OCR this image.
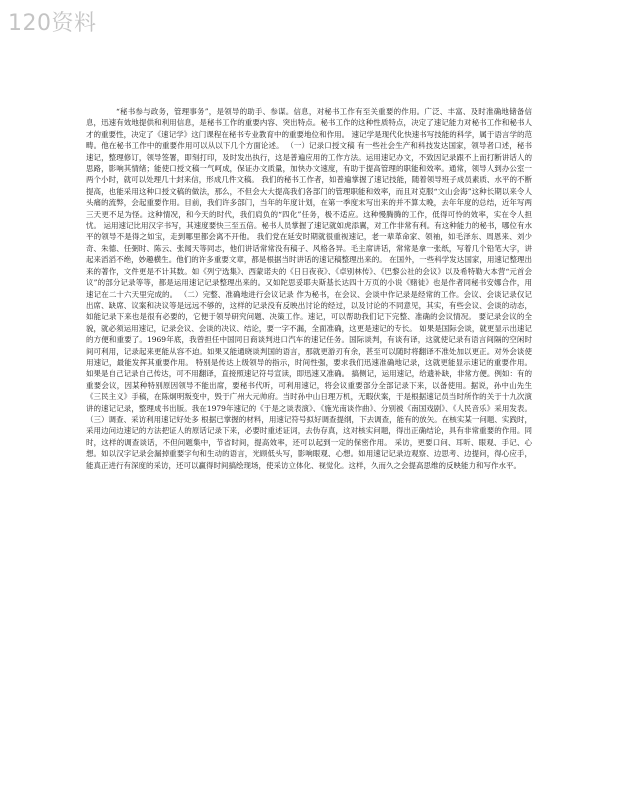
120资料

“秘书参与政务，管理事务”，是领导的助手、参谋。信息，对秘书工作有至关重要的作用。广泛、丰富、及时准确地储备信息，迅速有效地提供和利用信息，是秘书工作的重要内容、突出特点。秘书工作的这种性质特点，决定了速记能力对秘书工作和秘书人才的重要性，决定了《速记学》这门课程在秘书专业教育中的重要地位和作用。 速记学是现代化快速书写技能的科学，属于语言学的范畴。他在秘书工作中的重要作用可以从以下几个方面论述。 （一）记录口授文稿 有一些社会生产和科技发达国家，领导者口述，秘书速记，整理修订，领导签署，即刻打印，及时发出执行，这是普遍应用的工作方法。运用速记办文，不致因记录跟不上而打断讲话人的思路，影响其情绪；能使口授文稿一气呵成，保证办文质量，加快办文速度，有助于提高管理的职能和效率。通常，领导人到办公室一两个小时，就可以处理几十封来信，形成几件文稿。 我们的秘书工作者，如普遍掌握了速记技能，随着领导班子成员素质、水平的不断提高，也能采用这种口授文稿的做法，那么，不但会大大提高我们各部门的管理职能和效率，而且对克服“文山会海”这种长期以来令人头痛的流弊，会起重要作用。目前，我们许多部门，当年的年度计划，在第一季度末写出来的并不算太晚，去年年度的总结，近年写两三天更不足为怪。这种情况，和今天的时代，我们肩负的“四化”任务，极不适应。这种慢腾腾的工作，低得可怜的效率，实在令人担忧。 运用速记比用汉字书写，其速度要快三至五倍。秘书人员掌握了速记就如虎添翼，对工作非常有利。有这种能力的秘书，哪位有水平的领导不是得之如宝，走到哪里都会离不开他。 我们党在延安时期就很重视速记，老一辈革命家、领袖，如毛泽东、周恩来、刘少奇、朱德、任弼时、陈云、张闻天等同志，他们讲话常常没有稿子、风格各异。毛主席讲话，常常是拿一张纸，写着几个铅笔大字，讲起来滔滔不绝，妙趣横生。他们的许多重要文章，都是根据当时讲话的速记稿整理出来的。 在国外，一些科学发达国家，用速记整理出来的著作，文件更是不计其数。如《列宁选集》、西蒙诺夫的《日日夜夜》、《卓别林传》、《巴黎公社的会议》以及希特勒大本营“元首会议”的部分记录等等，都是运用速记记录整理出来的。又如陀思妥耶夫斯基长达四十万页的小说《赌徒》也是作者同秘书安娜合作，用速记在二十六天里完成的。 （二）完整、准确地进行会议记录 作为秘书，在会议、会谈中作记录是经常的工作。会议、会谈记录仅记出席、缺席、议案和决议等是远远不够的，这样的记录没有反映出讨论的经过，以及讨论的不同意见，其实，有些会议、会谈的动态，如能记录下来也是很有必要的，它便于领导研究问题、决策工作。速记，可以帮助我们记下完整、准确的会议情况。 要记录会议的全貌，就必须运用速记，记录会议、会谈的决议、结论，要一字不漏，全面准确，这更是速记的专长。 如果是国际会谈，就更显示出速记的方便和重要了。1969年底，我曾担任中国同日商谈判进口汽车的速记任务。国际谈判，有谈有译，这就使记录有语言间隔的空闲时间可利用，记录起来更能从容不迫。如果又能通晓谈判国的语言，那就更游刃有余，甚至可以随时将翻译不准处加以更正。对外会谈使用速记，最能发挥其重要作用。 特别是传达上级领导的指示，时间性强，要求我们迅速准确地记录，这就更能显示速记的重要作用。 如果是自己记录自己传达，可不用翻译，直接照速记符号宣读，即迅速又准确。 搞侧记，运用速记，给遗补缺，非常方便。例如：有的重要会议，因某种特别原因领导不能出席，要秘书代听，可利用速记，将会议重要部分全部记录下来，以备使用。据说，孙中山先生《三民主义》手稿，在陈炯明叛变中，毁于广州大元帅府。当时孙中山日理万机，无暇伏案，于是根据速记员当时所作的关于十九次演讲的速记记录，整理成书出版。我在1979年速记的《于是之谈表演》、《施光南谈作曲》、分别被《南国戏剧》、《人民音乐》采用发表。（三）调查、采访利用速记好处多 根据已掌握的材料，用速记符号拟好调查提纲，下去调查，能有的放矢。在核实某一问题、实践时，采用边问边速记的方法把证人的原话记录下来，必要时重述证词，去伪存真，这对核实问题，得出正确结论，具有非常重要的作用。同时，这样的调查谈话，不但问题集中，节省时间，提高效率，还可以起到一定的保密作用。 采访，更要口问、耳听、眼观、手记、心想。如以汉字记录会漏掉重要字句和生动的语言，光顾低头写，影响眼观、心想。如用速记记录边观察、边思考、边提问，得心应手，能真正进行有深度的采访，还可以赢得时间搞绘现场，使采访立体化、视觉化。这样，久而久之会提高思维的反映能力和写作水平。
